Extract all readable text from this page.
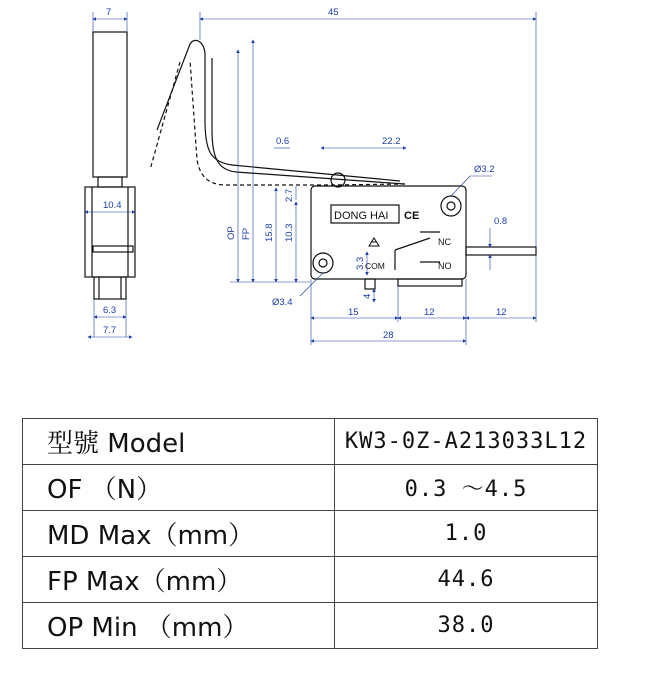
7
10.4
6.3
7.7
DONG HAI CE
NC
NO
COM
45
0.6	22.2
Ø3.2
0.8
OP FP 15.8 10.3
2.7
3.3
4
Ø3.4
15	12	12
28
型號 Model	KW3-0Z-A213033L12
OF （N）	0.3 ～4.5
MD Max（mm）	1.0
FP Max（mm）	44.6
OP Min （mm）	38.0
